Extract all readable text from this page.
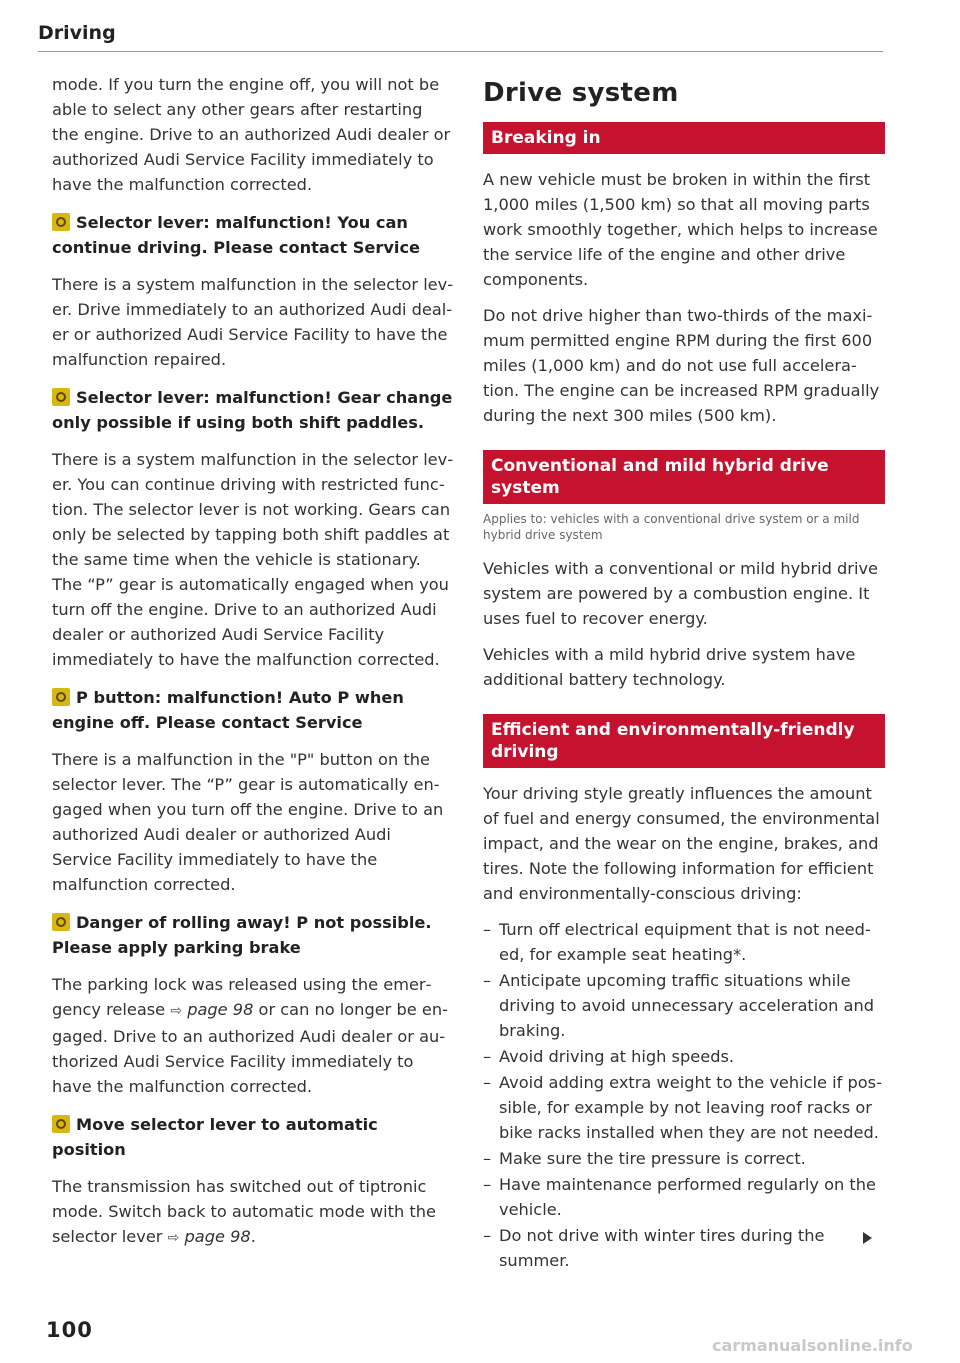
Driving

mode. If you turn the engine off, you will not be able to select any other gears after restarting the engine. Drive to an authorized Audi dealer or authorized Audi Service Facility immediately to have the malfunction corrected.

Selector lever: malfunction! You can continue driving. Please contact Service

There is a system malfunction in the selector lever. Drive immediately to an authorized Audi dealer or authorized Audi Service Facility to have the malfunction repaired.

Selector lever: malfunction! Gear change only possible if using both shift paddles.

There is a system malfunction in the selector lever. You can continue driving with restricted function. The selector lever is not working. Gears can only be selected by tapping both shift paddles at the same time when the vehicle is stationary. The “P” gear is automatically engaged when you turn off the engine. Drive to an authorized Audi dealer or authorized Audi Service Facility immediately to have the malfunction corrected.

P button: malfunction! Auto P when engine off. Please contact Service

There is a malfunction in the "P" button on the selector lever. The “P” gear is automatically engaged when you turn off the engine. Drive to an authorized Audi dealer or authorized Audi Service Facility immediately to have the malfunction corrected.

Danger of rolling away! P not possible. Please apply parking brake

The parking lock was released using the emergency release ⇨ page 98 or can no longer be engaged. Drive to an authorized Audi dealer or authorized Audi Service Facility immediately to have the malfunction corrected.

Move selector lever to automatic position

The transmission has switched out of tiptronic mode. Switch back to automatic mode with the selector lever ⇨ page 98.

Drive system
Breaking in

A new vehicle must be broken in within the first 1,000 miles (1,500 km) so that all moving parts work smoothly together, which helps to increase the service life of the engine and other drive components.

Do not drive higher than two-thirds of the maximum permitted engine RPM during the first 600 miles (1,000 km) and do not use full acceleration. The engine can be increased RPM gradually during the next 300 miles (500 km).

Conventional and mild hybrid drive system

Applies to: vehicles with a conventional drive system or a mild hybrid drive system

Vehicles with a conventional or mild hybrid drive system are powered by a combustion engine. It uses fuel to recover energy.

Vehicles with a mild hybrid drive system have additional battery technology.

Efficient and environmentally-friendly driving

Your driving style greatly influences the amount of fuel and energy consumed, the environmental impact, and the wear on the engine, brakes, and tires. Note the following information for efficient and environmentally-conscious driving:

– Turn off electrical equipment that is not needed, for example seat heating*.
– Anticipate upcoming traffic situations while driving to avoid unnecessary acceleration and braking.
– Avoid driving at high speeds.
– Avoid adding extra weight to the vehicle if possible, for example by not leaving roof racks or bike racks installed when they are not needed.
– Make sure the tire pressure is correct.
– Have maintenance performed regularly on the vehicle.
– Do not drive with winter tires during the summer.
100
carmanualsonline.info
